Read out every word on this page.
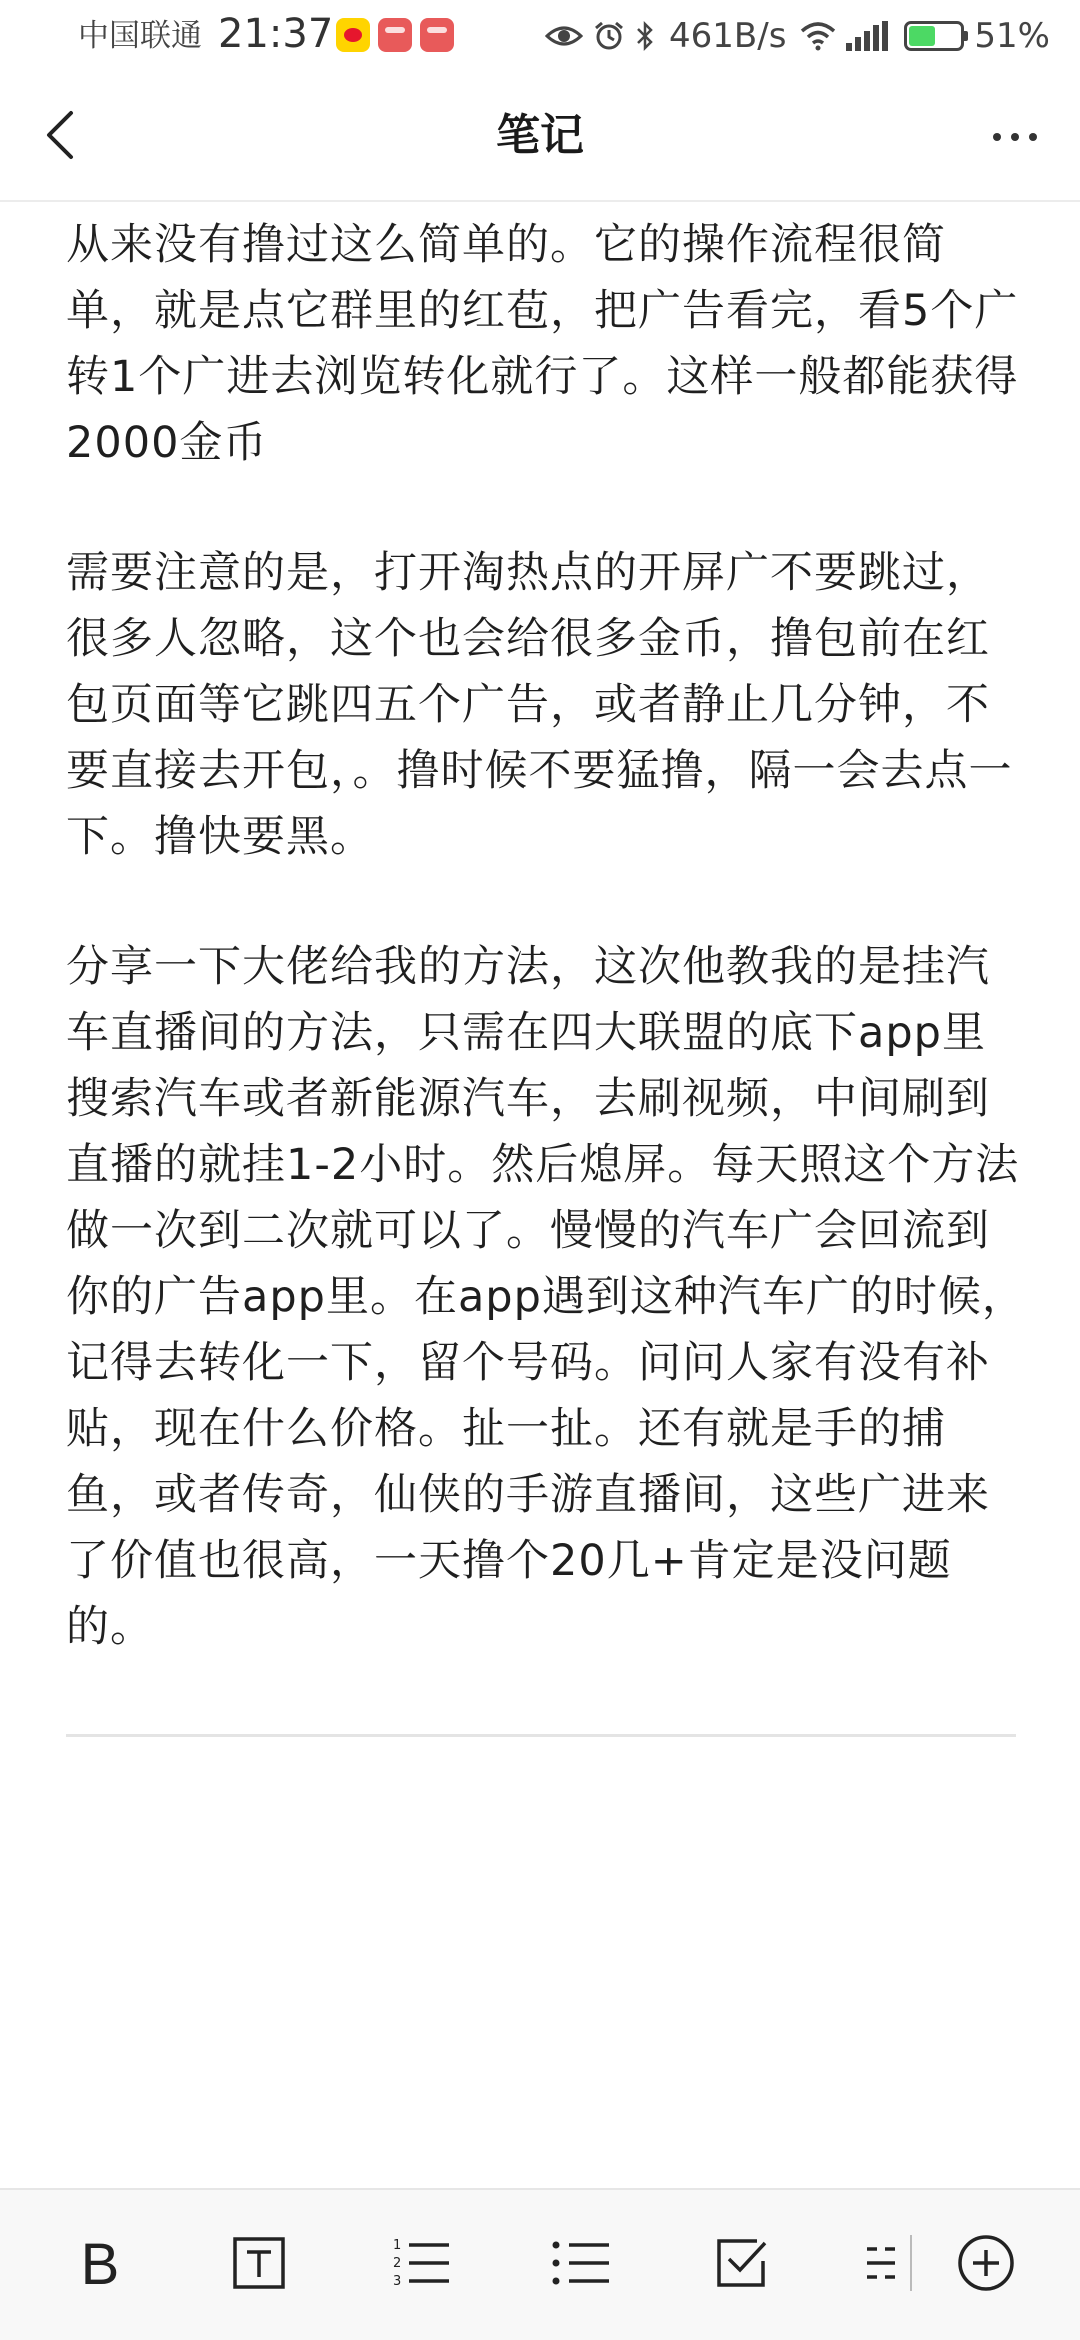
中国联通 21:37	461B/s	51%
笔记

从来没有撸过这么简单的。它的操作流程很简单，就是点它群里的红苞，把广告看完，看5个广转1个广进去浏览转化就行了。这样一般都能获得2000金币

需要注意的是，打开淘热点的开屏广不要跳过，很多人忽略，这个也会给很多金币，撸包前在红包页面等它跳四五个广告，或者静止几分钟，不要直接去开包，。撸时候不要猛撸，隔一会去点一下。撸快要黑。

分享一下大佬给我的方法，这次他教我的是挂汽车直播间的方法，只需在四大联盟的底下app里搜索汽车或者新能源汽车，去刷视频，中间刷到直播的就挂1-2小时。然后熄屏。每天照这个方法做一次到二次就可以了。慢慢的汽车广会回流到你的广告app里。在app遇到这种汽车广的时候，记得去转化一下，留个号码。问问人家有没有补贴，现在什么价格。扯一扯。还有就是手的捕鱼，或者传奇，仙侠的手游直播间，这些广进来了价值也很高，一天撸个20几+肯定是没问题的。

B	1
2
3
